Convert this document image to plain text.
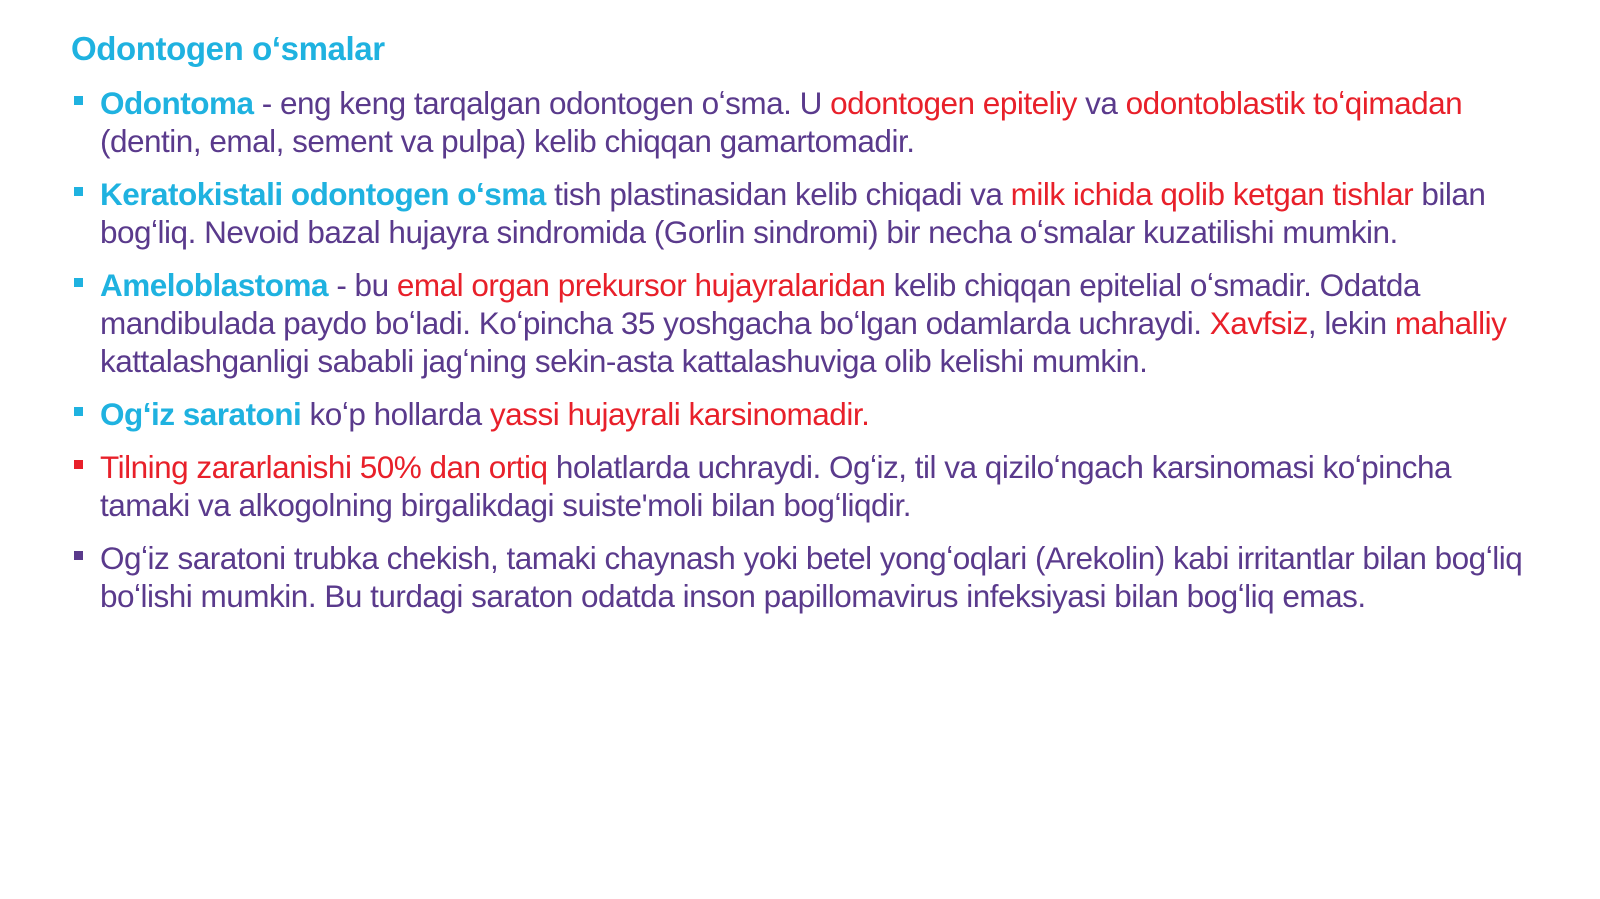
Odontogen oʻsmalar
Odontoma - eng keng tarqalgan odontogen oʻsma. U odontogen epiteliy va odontoblastik toʻqimadan (dentin, emal, sement va pulpa) kelib chiqqan gamartomadir.
Keratokistali odontogen oʻsma tish plastinasidan kelib chiqadi va milk ichida qolib ketgan tishlar bilan bogʻliq. Nevoid bazal hujayra sindromida (Gorlin sindromi) bir necha oʻsmalar kuzatilishi mumkin.
Ameloblastoma - bu emal organ prekursor hujayralaridan kelib chiqqan epitelial oʻsmadir. Odatda mandibulada paydo boʻladi. Koʻpincha 35 yoshgacha boʻlgan odamlarda uchraydi. Xavfsiz, lekin mahalliy kattalashganligi sababli jagʻning sekin-asta kattalashuviga olib kelishi mumkin.
Ogʻiz saratoni koʻp hollarda yassi hujayrali karsinomadir.
Tilning zararlanishi 50% dan ortiq holatlarda uchraydi. Ogʻiz, til va qiziloʻngach karsinomasi koʻpincha tamaki va alkogolning birgalikdagi suiste'moli bilan bogʻliqdir.
Ogʻiz saratoni trubka chekish, tamaki chaynash yoki betel yongʻoqlari (Arekolin) kabi irritantlar bilan bogʻliq boʻlishi mumkin. Bu turdagi saraton odatda inson papillomavirus infeksiyasi bilan bogʻliq emas.
